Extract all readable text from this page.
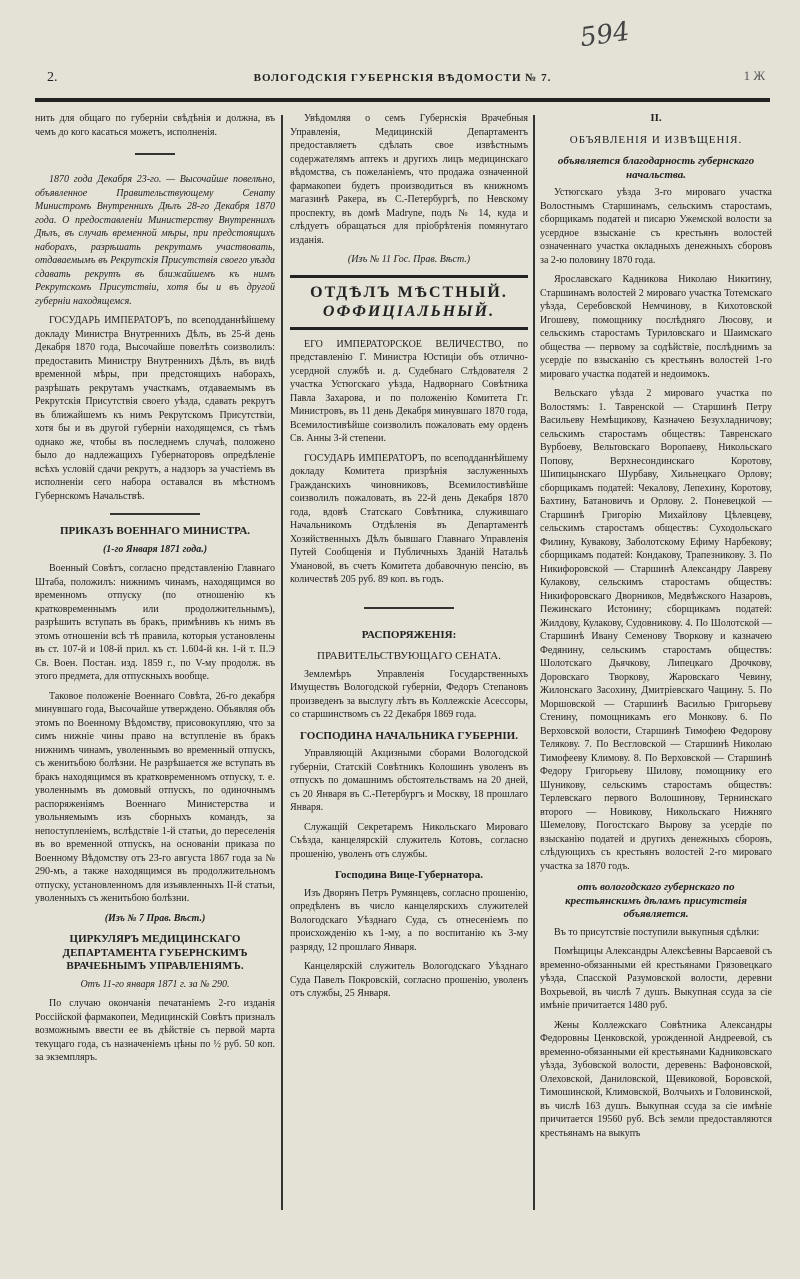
594
2.	ВОЛОГОДСКIЯ ГУБЕРНСКIЯ ВѢДОМОСТИ № 7.	1 Ж

нить для общаго по губерніи свѣдѣнія и должна, въ чемъ до кого касаться можетъ, исполненія.

1870 года Декабря 23-го. — Высочайше повелѣно, объявленное Правительствующему Сенату Министромъ Внутреннихъ Дѣлъ 28-го Декабря 1870 года. О предоставленіи Министерству Внутреннихъ Дѣлъ, въ случаѣ временной мѣры, при предстоящихъ наборахъ, разрѣшать рекрутамъ участвовать, отдаваемымъ въ Рекрутскія Присутствія своего уѣзда сдавать рекрутъ въ ближайшемъ къ нимъ Рекрутскомъ Присутствіи, хотя бы и въ другой губерніи находящемся.

ГОСУДАРЬ ИМПЕРАТОРЪ, по всеподданнѣйшему докладу Министра Внутреннихъ Дѣлъ, въ 25-й день Декабря 1870 года, Высочайше повелѣть соизволилъ: предоставить Министру Внутреннихъ Дѣлъ, въ видѣ временной мѣры, при предстоящихъ наборахъ, разрѣшать рекрутамъ участкамъ, отдаваемымъ въ Рекрутскія Присутствія своего уѣзда, сдавать рекрутъ въ ближайшемъ къ нимъ Рекрутскомъ Присутствіи, хотя бы и въ другой губерніи находящемся, съ тѣмъ однако же, чтобы въ последнемъ случаѣ, положено было до надлежащихъ Губернаторовъ опредѣленіе всѣхъ условій сдачи рекрутъ, а надзоръ за участіемъ въ исполненіи сего набора оставался въ мѣстномъ Губернскомъ Начальствѣ.

ПРИКАЗЪ ВОЕННАГО МИНИСТРА.

(1-го Января 1871 года.)

Военный Совѣтъ, согласно представленію Главнаго Штаба, положилъ: нижнимъ чинамъ, находящимся во временномъ отпуску (по отношенію къ кратковременнымъ или продолжительнымъ), разрѣшить вступать въ бракъ, примѣнивъ къ нимъ въ этомъ отношеніи всѣ тѣ правила, которыя установлены въ ст. 107-й и 108-й прил. къ ст. 1.604-й кн. 1-й т. II.Э Св. Воен. Постан. изд. 1859 г., по V-му продолж. въ этого предмета, для отпускныхъ вообще.

Таковое положеніе Военнаго Совѣта, 26-го декабря минувшаго года, Высочайше утверждено. Объявляя объ этомъ по Военному Вѣдомству, присовокупляю, что за симъ нижніе чины право на вступленіе въ бракъ нижнимъ чинамъ, уволеннымъ во временный отпускъ, съ женитьбою болѣзни. Не разрѣшается же вступать въ бракъ находящимся въ кратковременномъ отпуску, т. е. уволеннымъ въ домовый отпускъ, по одиночнымъ распоряженіямъ Военнаго Министерства и увольняемымъ изъ сборныхъ командъ, за непоступленіемъ, вслѣдствіе 1-й статьи, до переселенія въ во временной отпускъ, на основаніи приказа по Военному Вѣдомству отъ 23-го августа 1867 года за № 290-мъ, а также находящимся въ продолжительномъ отпуску, установленномъ для изъявленныхъ II-й статьи, уволенныхъ съ женитьбою болѣзни.

(Изъ № 7 Прав. Вѣст.)

ЦИРКУЛЯРЪ МЕДИЦИНСКАГО ДЕПАРТАМЕНТА ГУБЕРНСКИМЪ ВРАЧЕБНЫМЪ УПРАВЛЕНІЯМЪ.

Отъ 11-го января 1871 г. за № 290.

По случаю окончанія печатаніемъ 2-го изданія Россійской фармакопеи, Медицинскій Совѣтъ призналъ возможнымъ ввести ее въ дѣйствіе съ первой марта текущаго года, съ назначеніемъ цѣны по ½ руб. 50 коп. за экземпляръ.

Увѣдомляя о семъ Губернскія Врачебныя Управленія, Медицинскій Департаментъ предоставляетъ сдѣлать свое извѣстнымъ содержателямъ аптекъ и другихъ лицъ медицинскаго вѣдомства, съ пожеланіемъ, что продажа означенной фармакопеи будетъ производиться въ книжномъ магазинѣ Ракера, въ С.-Петербургѣ, по Невскому проспекту, въ домѣ Madryne, подъ № 14, куда и слѣдуетъ обращаться для пріобрѣтенія помянутаго изданія.

(Изъ № 11 Гос. Прав. Вѣст.)

ОТДѢЛЪ МѢСТНЫЙ.
ОФФИЦІАЛЬНЫЙ.

ЕГО ИМПЕРАТОРСКОЕ ВЕЛИЧЕСТВО, по представленію Г. Министра Юстиціи объ отлично-усердной службѣ и. д. Судебнаго Слѣдователя 2 участка Устюгскаго уѣзда, Надворнаго Совѣтника Павла Захарова, и по положенію Комитета Гг. Министровъ, въ 11 день Декабря минувшаго 1870 года, Всемилостивѣйше соизволилъ пожаловать ему орденъ Св. Анны 3-й степени.

ГОСУДАРЬ ИМПЕРАТОРЪ, по всеподданнѣйшему докладу Комитета призрѣнія заслуженныхъ Гражданскихъ чиновниковъ, Всемилостивѣйше соизволилъ пожаловать, въ 22-й день Декабря 1870 года, вдовѣ Статскаго Совѣтника, служившаго Начальникомъ Отдѣленія въ Департаментѣ Хозяйственныхъ Дѣлъ бывшаго Главнаго Управленія Путей Сообщенія и Публичныхъ Зданій Натальѣ Умановой, въ счетъ Комитета добавочную пенсію, въ количествѣ 205 руб. 89 коп. въ годъ.

РАСПОРЯЖЕНІЯ:
ПРАВИТЕЛЬСТВУЮЩАГО СЕНАТА.

Землемѣръ Управленія Государственныхъ Имуществъ Вологодской губерніи, Федоръ Степановъ произведенъ за выслугу лѣтъ въ Коллежскіе Асессоры, со старшинствомъ съ 22 Декабря 1869 года.

ГОСПОДИНА НАЧАЛЬНИКА ГУБЕРНІИ.

Управляющій Акцизными сборами Вологодской губерніи, Статскій Совѣтникъ Колошинъ уволенъ въ отпускъ по домашнимъ обстоятельствамъ на 20 дней, съ 20 Января въ С.-Петербургъ и Москву, 18 прошлаго Января.

Служащій Секретаремъ Никольскаго Мироваго Съѣзда, канцелярскій служитель Котовъ, согласно прошенію, уволенъ отъ службы.

Господина Вице-Губернатора.

Изъ Дворянъ Петръ Румянцевъ, согласно прошенію, опредѣленъ въ число канцелярскихъ служителей Вологодскаго Уѣзднаго Суда, съ отнесеніемъ по происхожденію къ 1-му, а по воспитанію къ 3-му разряду, 12 прошлаго Января.

Канцелярскій служитель Вологодскаго Уѣзднаго Суда Павелъ Покровскій, согласно прошенію, уволенъ отъ службы, 25 Января.

II.
ОБЪЯВЛЕНІЯ И ИЗВѢЩЕНІЯ.
объявляется благодарность губернскаго начальства.

Устюгскаго уѣзда 3-го мироваго участка Волостнымъ Старшинамъ, сельскимъ старостамъ, сборщикамъ податей и писарю Ужемской волости за усердное взысканіе съ крестьянъ волостей означеннаго участка окладныхъ денежныхъ сборовъ за 2-ю половину 1870 года.

Ярославскаго Кадникова Николаю Никитину, Старшинамъ волостей 2 мироваго участка Тотемскаго уѣзда, Серебовской Немчинову, в Кихотовской Игошеву, помощнику послѣдняго Люсову, и сельскимъ старостамъ Туриловскаго и Шаимскаго общества — первому за содѣйствіе, послѣднимъ за усердіе по взысканію съ крестьянъ волостей 1-го мироваго участка податей и недоимокъ.

Вельскаго уѣзда 2 мироваго участка по Волостямъ: 1. Тавренской — Старшинѣ Петру Васильеву Немѣщикову, Казначею Безухладничову; сельскимъ старостамъ обществъ: Тавренскаго Вурбоеву, Вельтовскаго Воропаеву, Никольскаго Попову, Верхнесондинскаго Коротову, Шипицынскаго Шурбаву, Хильнецкаго Орлову; сборщикамъ податей: Чекалову, Лепехину, Коротову, Бахтину, Батановичъ и Орлову. 2. Поневецкой — Старшинѣ Григорію Михайлову Цѣлевцеву, сельскимъ старостамъ обществъ: Суходольскаго Филину, Кувакову, Заболотскому Ефиму Нарбекову; сборщикамъ податей: Кондакову, Трапезникову. 3. По Никифоровской — Старшинѣ Александру Лавреву Кулакову, сельскимъ старостамъ обществъ: Никифоровскаго Дворников, Медвѣжского Назаровъ, Пежинскаго Истонину; сборщикамъ податей: Жилдову, Кулакову, Судовникову. 4. По Шолотской — Старшинѣ Ивану Семенову Творкову и казначею Федянину, сельскимъ старостамъ обществъ: Шолотскаго Дьячкову, Липецкаго Дрочкову, Доровскаго Творкову, Жаровскаго Чевину, Жилонскаго Засохину, Дмитріевскаго Чащину. 5. По Моршовской — Старшинѣ Василью Григорьеву Стенину, помощникамъ его Монкову. 6. По Верховской волости, Старшинѣ Тимофею Федорову Телякову. 7. По Весгловской — Старшинѣ Николаю Тимофееву Климову. 8. По Верховской — Старшинѣ Федору Григорьеву Шилову, помощнику его Шуникову, сельскимъ старостамъ обществъ: Терлевскаго первого Волошинову, Тернинскаго второго — Новикову, Никольскаго Нижняго Шемелову, Погостскаго Вырову за усердіе по взысканію податей и другихъ денежныхъ сборовъ, слѣдующихъ съ крестьянъ волостей 2-го мироваго участка за 1870 годъ.

отъ вологодскаго губернскаго по крестьянскимъ дѣламъ присутствія объявляется.

Въ то присутствіе поступили выкупныя сдѣлки:

Помѣщицы Александры Алексѣевны Варсаевой съ временно-обязанными ей крестьянами Грязовецкаго уѣзда, Спасской Разумовской волости, деревни Вохрьевой, въ числѣ 7 душъ. Выкупная ссуда за сіе имѣніе причитается 1480 руб.

Жены Коллежскаго Совѣтника Александры Федоровны Ценковской, урожденной Андреевой, съ временно-обязанными ей крестьянами Кадниковскаго уѣзда, Зубовской волости, деревень: Вафоновской, Олеховской, Даниловской, Щевиковой, Боровской, Тимошинской, Климовской, Волчьихъ и Головинской, въ числѣ 163 душъ. Выкупная ссуда за сіе имѣніе причитается 19560 руб. Всѣ земли предоставляются крестьянамъ на выкупъ
